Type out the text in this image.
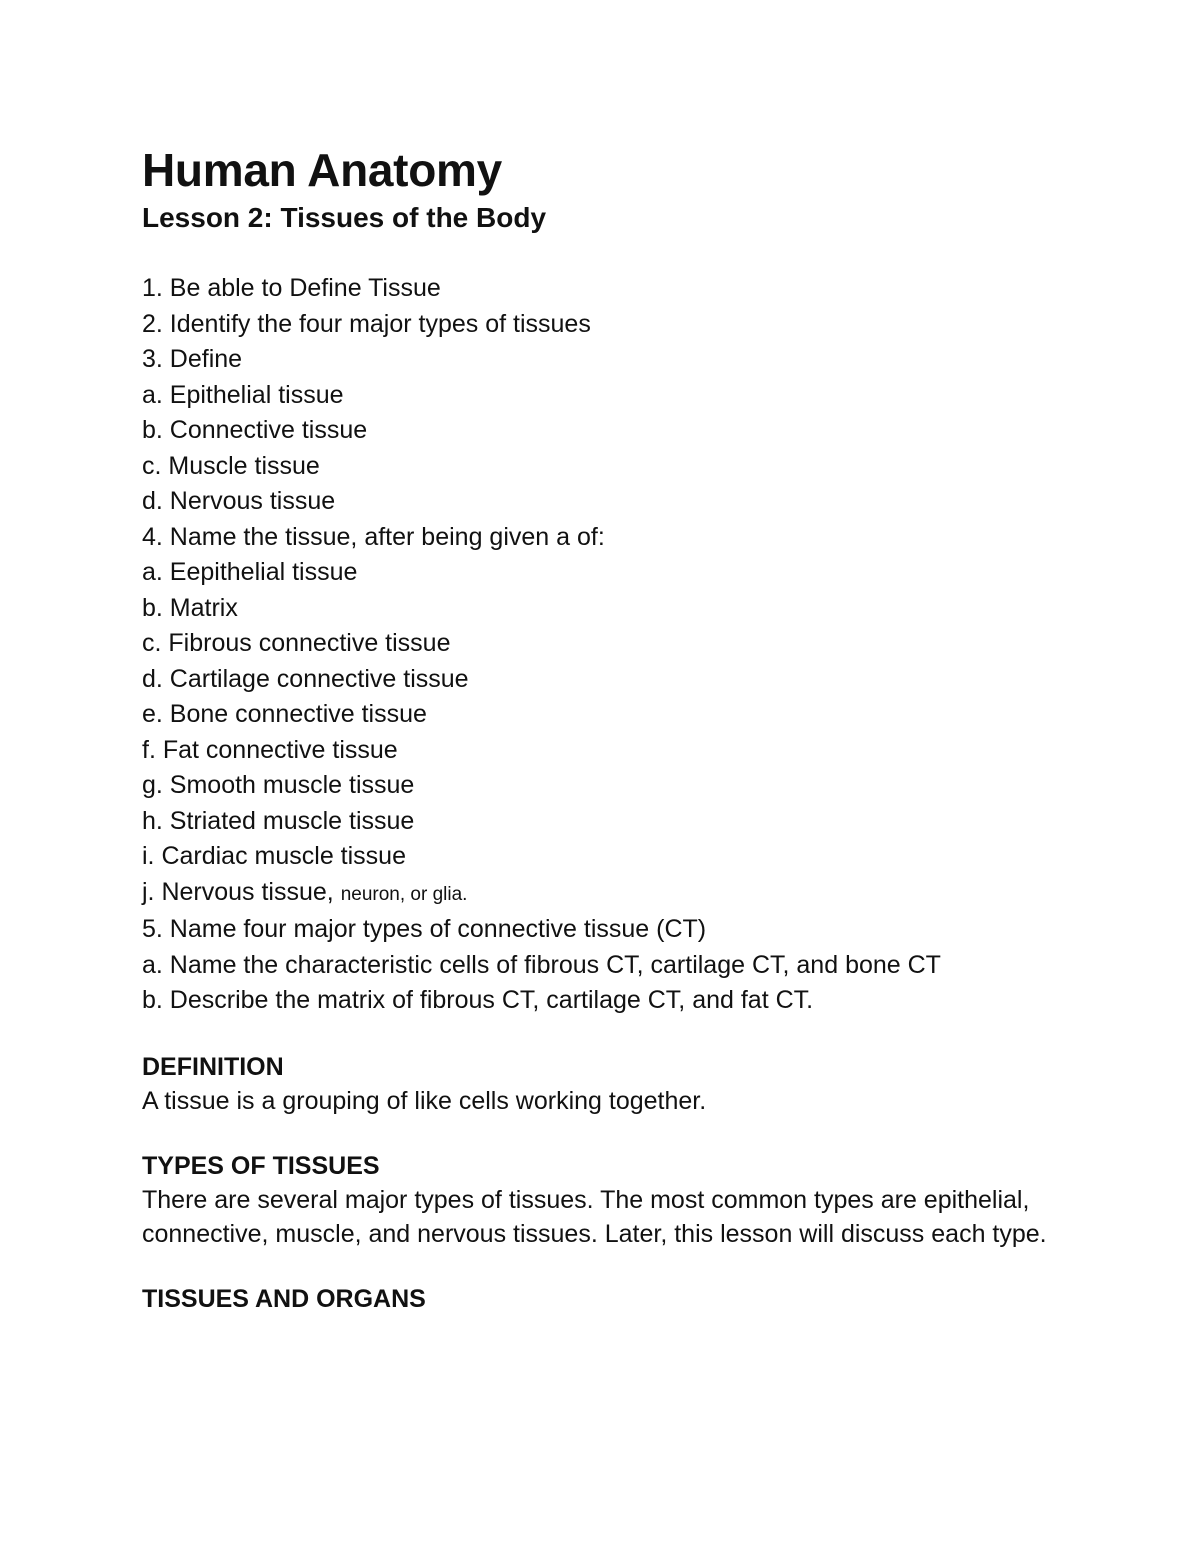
Human Anatomy
Lesson 2: Tissues of the Body
1. Be able to Define Tissue
2. Identify the four major types of tissues
3. Define
a. Epithelial tissue
b. Connective tissue
c. Muscle tissue
d. Nervous tissue
4. Name the tissue, after being given a of:
a. Eepithelial tissue
b. Matrix
c. Fibrous connective tissue
d. Cartilage connective tissue
e. Bone connective tissue
f. Fat connective tissue
g. Smooth muscle tissue
h. Striated muscle tissue
i. Cardiac muscle tissue
j. Nervous tissue, neuron, or glia.
5. Name four major types of connective tissue (CT)
a. Name the characteristic cells of fibrous CT, cartilage CT, and bone CT
b. Describe the matrix of fibrous CT, cartilage CT, and fat CT.

DEFINITION

A tissue is a grouping of like cells working together.

TYPES OF TISSUES

There are several major types of tissues. The most common types are epithelial, connective, muscle, and nervous tissues. Later, this lesson will discuss each type.

TISSUES AND ORGANS
